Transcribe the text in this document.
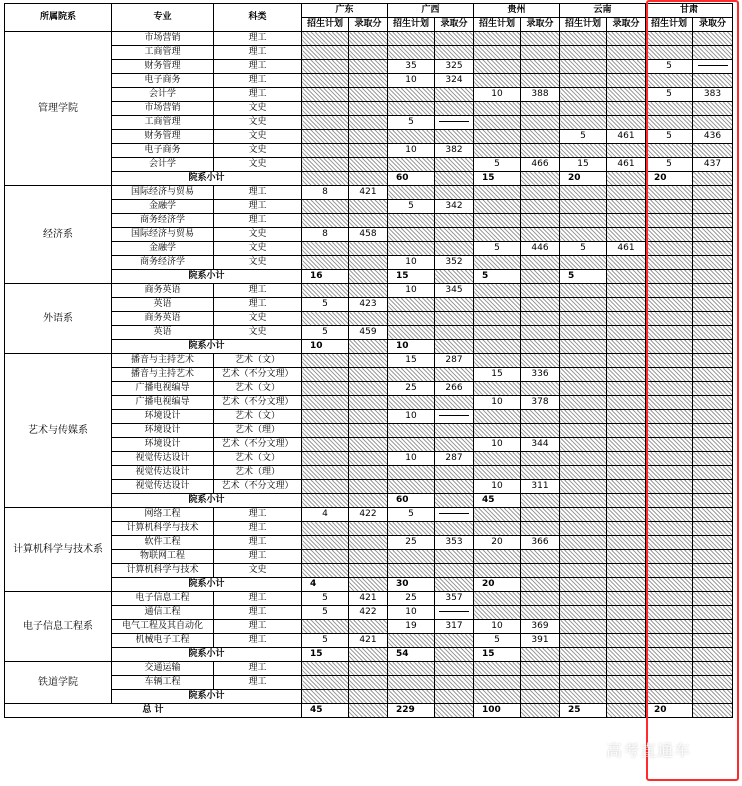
所属院系	专业	科类	广东		广西		贵州		云南		甘肃	
			招生计划	录取分	招生计划	录取分	招生计划	录取分	招生计划	录取分	招生计划	录取分
管理学院	市场营销	理工										
	工商管理	理工										
	财务管理	理工			35	325					5	
	电子商务	理工			10	324						
	会计学	理工					10	388			5	383
	市场营销	文史										
	工商管理	文史			5							
	财务管理	文史							5	461	5	436
	电子商务	文史			10	382						
	会计学	文史					5	466	15	461	5	437
	院系小计				60		15		20		20	
经济系	国际经济与贸易	理工	8	421								
	金融学	理工			5	342						
	商务经济学	理工										
	国际经济与贸易	文史	8	458								
	金融学	文史					5	446	5	461		
	商务经济学	文史			10	352						
	院系小计		16		15		5		5			
外语系	商务英语	理工			10	345						
	英语	理工	5	423								
	商务英语	文史										
	英语	文史	5	459								
	院系小计		10		10							
艺术与传媒系	播音与主持艺术	艺术（文）			15	287						
	播音与主持艺术	艺术（不分文理）					15	336				
	广播电视编导	艺术（文）			25	266						
	广播电视编导	艺术（不分文理）					10	378				
	环境设计	艺术（文）			10							
	环境设计	艺术（理）										
	环境设计	艺术（不分文理）					10	344				
	视觉传达设计	艺术（文）			10	287						
	视觉传达设计	艺术（理）										
	视觉传达设计	艺术（不分文理）					10	311				
	院系小计				60		45					
计算机科学与技术系	网络工程	理工	4	422	5							
	计算机科学与技术	理工										
	软件工程	理工			25	353	20	366				
	物联网工程	理工										
	计算机科学与技术	文史										
	院系小计		4		30		20					
电子信息工程系	电子信息工程	理工	5	421	25	357						
	通信工程	理工	5	422	10							
	电气工程及其自动化	理工			19	317	10	369				
	机械电子工程	理工	5	421			5	391				
	院系小计		15		54		15					
铁道学院	交通运输	理工										
	车辆工程	理工										
	院系小计											
总 计			45		229		100		25		20	
高考直通车
